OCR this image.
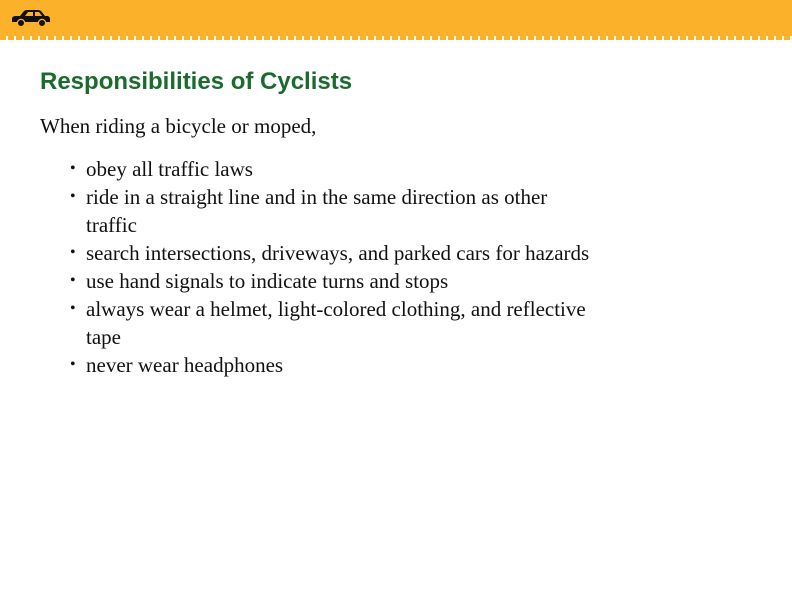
Responsibilities of Cyclists
When riding a bicycle or moped,
• obey all traffic laws
• ride in a straight line and in the same direction as other traffic
• search intersections, driveways, and parked cars for hazards
• use hand signals to indicate turns and stops
• always wear a helmet, light-colored clothing, and reflective tape
• never wear headphones
